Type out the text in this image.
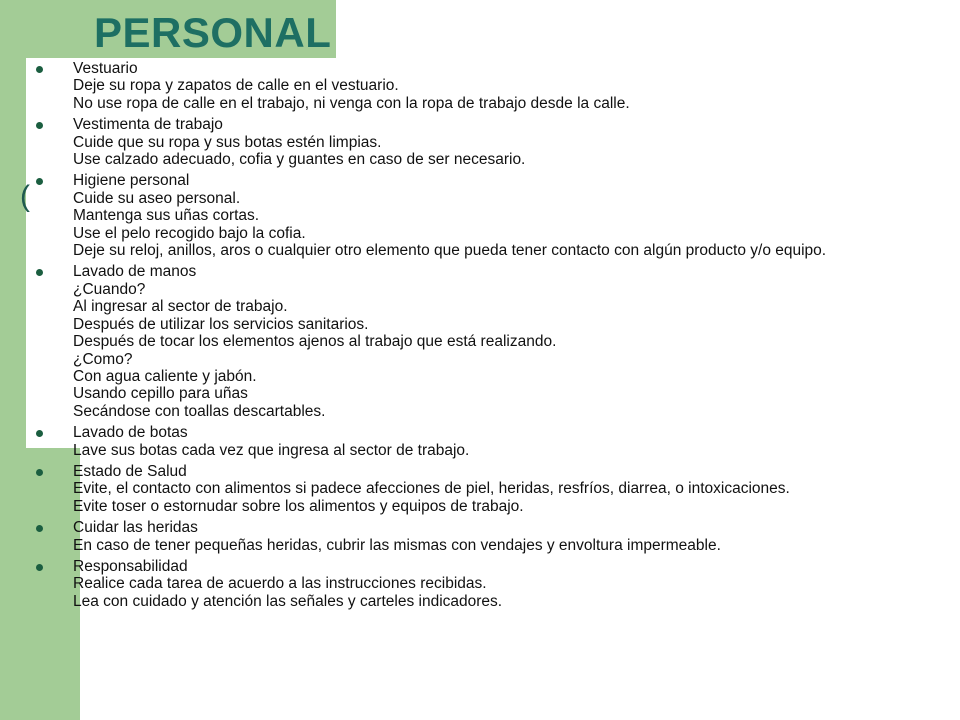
(
PERSONAL
Vestuario
Deje su ropa y zapatos de calle en el vestuario.
No use ropa de calle en el trabajo, ni venga con la ropa de trabajo desde la calle.
Vestimenta de trabajo
Cuide que su ropa y sus botas estén limpias.
Use calzado adecuado, cofia y guantes en caso de ser necesario.
Higiene personal
Cuide su aseo personal.
Mantenga sus uñas cortas.
Use el pelo recogido bajo la cofia.
Deje su reloj, anillos, aros o cualquier otro elemento que pueda tener contacto con algún producto y/o equipo.
Lavado de manos
¿Cuando?
Al ingresar al sector de trabajo.
Después de utilizar los servicios sanitarios.
Después de tocar los elementos ajenos al trabajo que está realizando.
¿Como?
Con agua caliente y jabón.
Usando cepillo para uñas
Secándose con toallas descartables.
Lavado de botas
Lave sus botas cada vez que ingresa al sector de trabajo.
Estado de Salud
Evite, el contacto con alimentos si padece afecciones de piel, heridas, resfríos, diarrea, o intoxicaciones.
Evite toser o estornudar sobre los alimentos y equipos de trabajo.
Cuidar las heridas
En caso de tener pequeñas heridas, cubrir las mismas con vendajes y envoltura impermeable.
Responsabilidad
Realice cada tarea de acuerdo a las instrucciones recibidas.
Lea con cuidado y atención las señales y carteles indicadores.
